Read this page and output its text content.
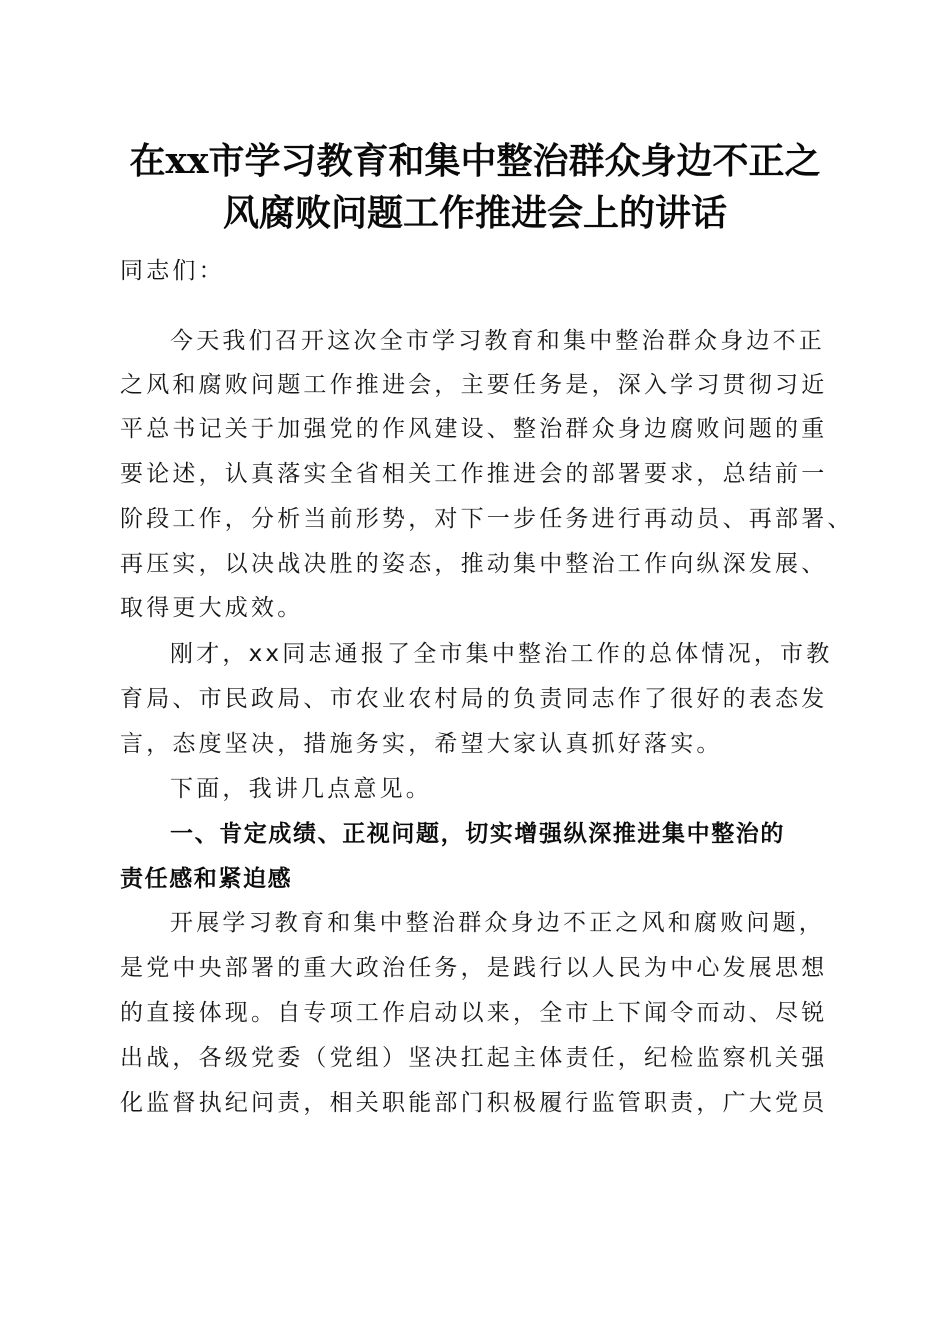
在xx市学习教育和集中整治群众身边不正之
风腐败问题工作推进会上的讲话
同志们：
今天我们召开这次全市学习教育和集中整治群众身边不正
之风和腐败问题工作推进会，主要任务是，深入学习贯彻习近
平总书记关于加强党的作风建设、整治群众身边腐败问题的重
要论述，认真落实全省相关工作推进会的部署要求，总结前一
阶段工作，分析当前形势，对下一步任务进行再动员、再部署、
再压实，以决战决胜的姿态，推动集中整治工作向纵深发展、
取得更大成效。
刚才，xx同志通报了全市集中整治工作的总体情况，市教
育局、市民政局、市农业农村局的负责同志作了很好的表态发
言，态度坚决，措施务实，希望大家认真抓好落实。
下面，我讲几点意见。
一、肯定成绩、正视问题，切实增强纵深推进集中整治的
责任感和紧迫感
开展学习教育和集中整治群众身边不正之风和腐败问题，
是党中央部署的重大政治任务，是践行以人民为中心发展思想
的直接体现。自专项工作启动以来，全市上下闻令而动、尽锐
出战，各级党委（党组）坚决扛起主体责任，纪检监察机关强
化监督执纪问责，相关职能部门积极履行监管职责，广大党员
